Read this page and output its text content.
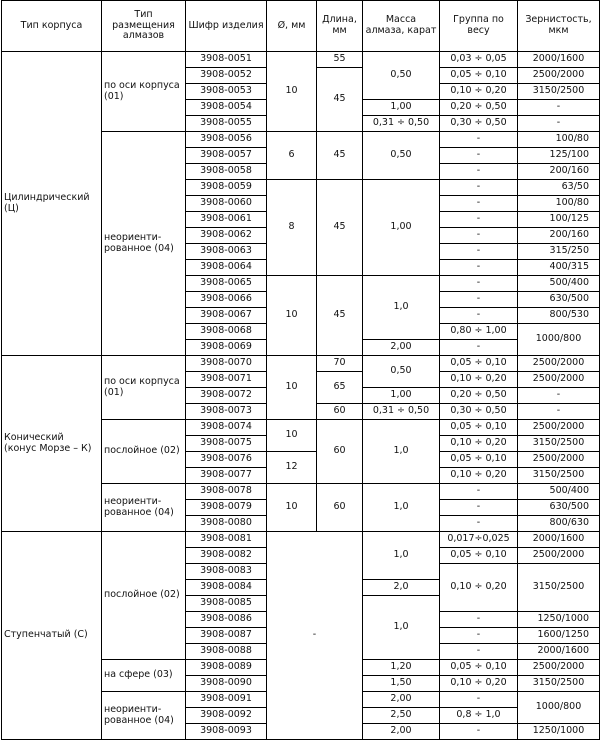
Тип корпуса	Тип размещения алмазов	Шифр изделия	Ø, мм	Длина, мм	Масса алмаза, карат	Группа по весу	Зернистость, мкм
Цилиндрический (Ц)	по оси корпуса (01)	3908-0051	10	55	0,50	0,03 ÷ 0,05	2000/1600
		3908-0052		45		0,05 ÷ 0,10	2500/2000
		3908-0053				0,10 ÷ 0,20	3150/2500
		3908-0054			1,00	0,20 ÷ 0,50	-
		3908-0055			0,31 ÷ 0,50	0,30 ÷ 0,50	-
	неориенти-рованное (04)	3908-0056	6	45	0,50	-	100/80
		3908-0057				-	125/100
		3908-0058				-	200/160
		3908-0059	8	45	1,00	-	63/50
		3908-0060				-	100/80
		3908-0061				-	100/125
		3908-0062				-	200/160
		3908-0063				-	315/250
		3908-0064				-	400/315
		3908-0065	10	45	1,0	-	500/400
		3908-0066				-	630/500
		3908-0067				-	800/530
		3908-0068				0,80 ÷ 1,00	1000/800
		3908-0069			2,00	-	
Конический (конус Морзе – К)	по оси корпуса (01)	3908-0070	10	70	0,50	0,05 ÷ 0,10	2500/2000
		3908-0071		65		0,10 ÷ 0,20	2500/2000
		3908-0072			1,00	0,20 ÷ 0,50	-
		3908-0073		60	0,31 ÷ 0,50	0,30 ÷ 0,50	-
	послойное (02)	3908-0074	10	60	1,0	0,05 ÷ 0,10	2500/2000
		3908-0075				0,10 ÷ 0,20	3150/2500
		3908-0076	12			0,05 ÷ 0,10	2500/2000
		3908-0077				0,10 ÷ 0,20	3150/2500
	неориенти-рованное (04)	3908-0078	10	60	1,0	-	500/400
		3908-0079				-	630/500
		3908-0080				-	800/630
Ступенчатый (С)	послойное (02)	3908-0081	-		1,0	0,017÷0,025	2000/1600
		3908-0082				0,05 ÷ 0,10	2500/2000
		3908-0083				0,10 ÷ 0,20	3150/2500
		3908-0084			2,0		
		3908-0085			1,0		
		3908-0086				-	1250/1000
		3908-0087				-	1600/1250
		3908-0088				-	2000/1600
	на сфере (03)	3908-0089			1,20	0,05 ÷ 0,10	2500/2000
		3908-0090			1,50	0,10 ÷ 0,20	3150/2500
	неориенти-рованное (04)	3908-0091			2,00	-	1000/800
		3908-0092			2,50	0,8 ÷ 1,0	
		3908-0093			2,00	-	1250/1000
